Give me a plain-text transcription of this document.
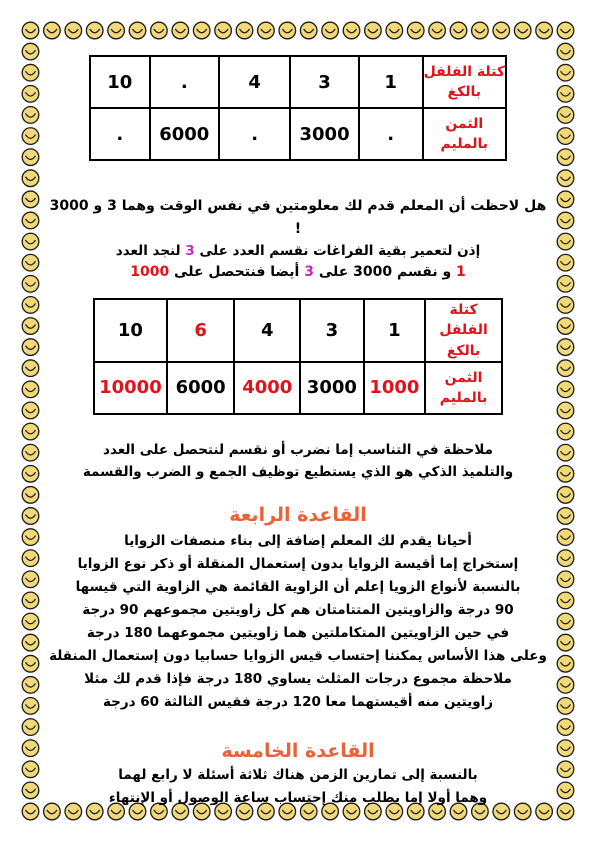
كتلة الفلفل بالكغ	1	3	4	.	10
الثمن بالمليم	.	3000	.	6000	.

هل لاحظت أن المعلم قدم لك معلومتين في نفس الوقت وهما 3 و 3000 !

إذن لتعمير بقية الفراغات نقسم العدد على 3 لنجد العدد

1 و نقسم 3000 على 3 أيضا فنتحصل على 1000

كتلة الفلفل بالكغ	1	3	4	6	10
الثمن بالمليم	1000	3000	4000	6000	10000

ملاحظة في التناسب إما نضرب أو نقسم لنتحصل على العدد

والتلميذ الذكي هو الذي يستطيع توظيف الجمع و الضرب والقسمة

القاعدة الرابعة

أحيانا يقدم لك المعلم إضافة إلى بناء منصفات الزوايا

إستخراج إما أقيسة الزوايا بدون إستعمال المنقلة أو ذكر نوع الزوايا

بالنسبة لأنواع الزويا إعلم أن الزاوية القائمة هي الزاوية التي قيسها

90 درجة والزاويتين المتتامتان هم كل زاويتين مجموعهم 90 درجة

في حين الزاويتين المتكاملتين هما زاويتين مجموعهما 180 درجة

وعلى هذا الأساس يمكننا إحتساب قيس الزوايا حسابيا دون إستعمال المنقلة

ملاحظة مجموع درجات المثلث يساوي 180 درجة فإذا قدم لك مثلا

زاويتين منه أقيستهما معا 120 درجة فقيس الثالثة 60 درجة

القاعدة الخامسة

بالنسبة إلى تمارين الزمن هناك ثلاثة أسئلة لا رابع لهما

وهما أولا إما يطلب منك إحتساب ساعة الوصول أو الإنتهاء
